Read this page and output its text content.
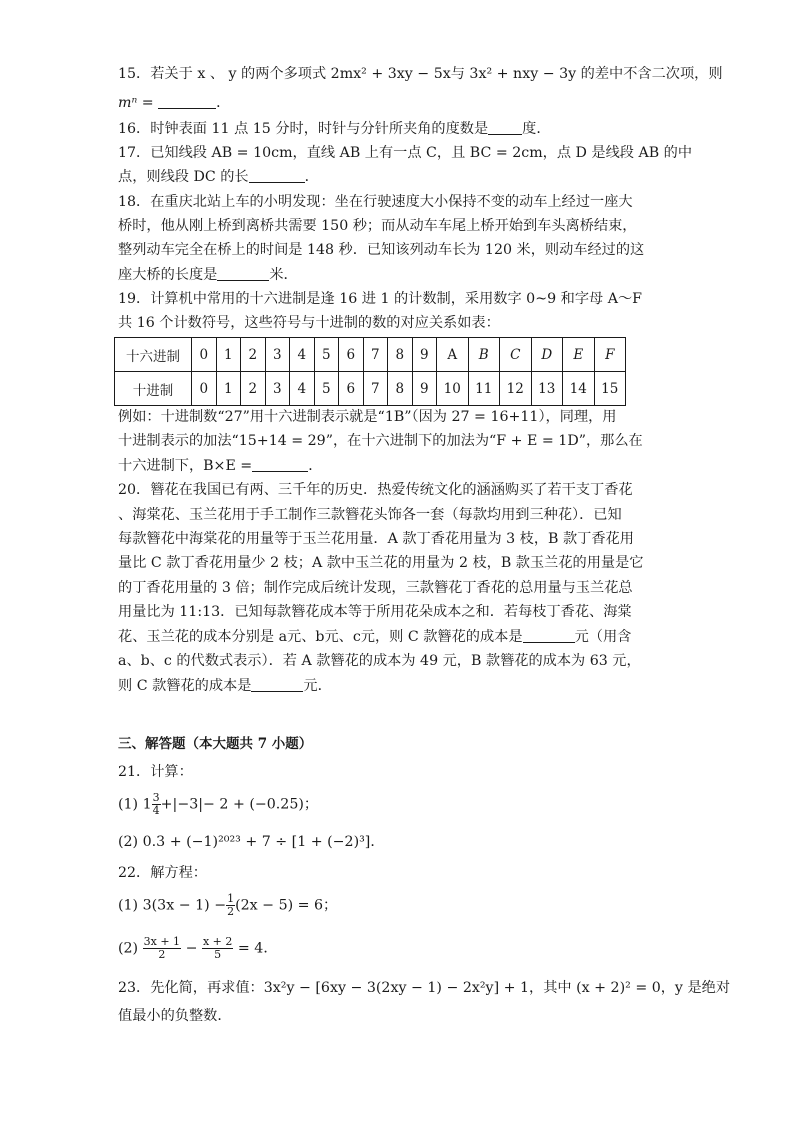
15．若关于 x 、 y 的两个多项式 2mx² + 3xy − 5x与 3x² + nxy − 3y 的差中不含二次项，则
mⁿ =	．
16．时钟表面 11 点 15 分时，时针与分针所夹角的度数是 度．
17．已知线段 AB = 10cm，直线 AB 上有一点 C，且 BC = 2cm，点 D 是线段 AB 的中
点，则线段 DC 的长	．
18．在重庆北站上车的小明发现：坐在行驶速度大小保持不变的动车上经过一座大
桥时，他从刚上桥到离桥共需要 150 秒；而从动车车尾上桥开始到车头离桥结束，
整列动车完全在桥上的时间是 148 秒．已知该列动车长为 120 米，则动车经过的这
座大桥的长度是	米．
19．计算机中常用的十六进制是逢 16 进 1 的计数制，采用数字 0~9 和字母 A～F
共 16 个计数符号，这些符号与十进制的数的对应关系如表：
十六进制	0	1	2	3	4	5	6	7	8	9	A	B	C	D	E	F
十进制	0	1	2	3	4	5	6	7	8	9	10	11	12	13	14	15
例如：十进制数“27”用十六进制表示就是“1B”（因为 27 = 16+11），同理，用
十进制表示的加法“15+14 = 29”，在十六进制下的加法为“F + E = 1D”，那么在
十六进制下，B×E =	．
20．簪花在我国已有两、三千年的历史．热爱传统文化的涵涵购买了若干支丁香花
、海棠花、玉兰花用于手工制作三款簪花头饰各一套（每款均用到三种花）．已知
每款簪花中海棠花的用量等于玉兰花用量．A 款丁香花用量为 3 枝，B 款丁香花用
量比 C 款丁香花用量少 2 枝；A 款中玉兰花的用量为 2 枝，B 款玉兰花的用量是它
的丁香花用量的 3 倍；制作完成后统计发现，三款簪花丁香花的总用量与玉兰花总
用量比为 11:13．已知每款簪花成本等于所用花朵成本之和．若每枝丁香花、海棠
花、玉兰花的成本分别是 a元、b元、c元，则 C 款簪花的成本是	元（用含
a、b、c 的代数式表示）．若 A 款簪花的成本为 49 元，B 款簪花的成本为 63 元，
则 C 款簪花的成本是	元．
三、解答题（本大题共 7 小题）
21．计算：
(1) $1 \frac{3}{4} +|-3|- 2 + (-0.25)$；
(2) 0.3 + (−1)²⁰²³ + 7 ÷ [1 + (−2)³]．
22．解方程：
(1) $3(3x - 1) - \frac{1}{2} (2x - 5) = 6$；
$(2) \frac{3x + 1}{2} - \frac{x + 2}{5} = 4$．
23．先化简，再求值：3x²y − [6xy − 3(2xy − 1) − 2x²y] + 1，其中 (x + 2)² = 0，y 是绝对
值最小的负整数．
